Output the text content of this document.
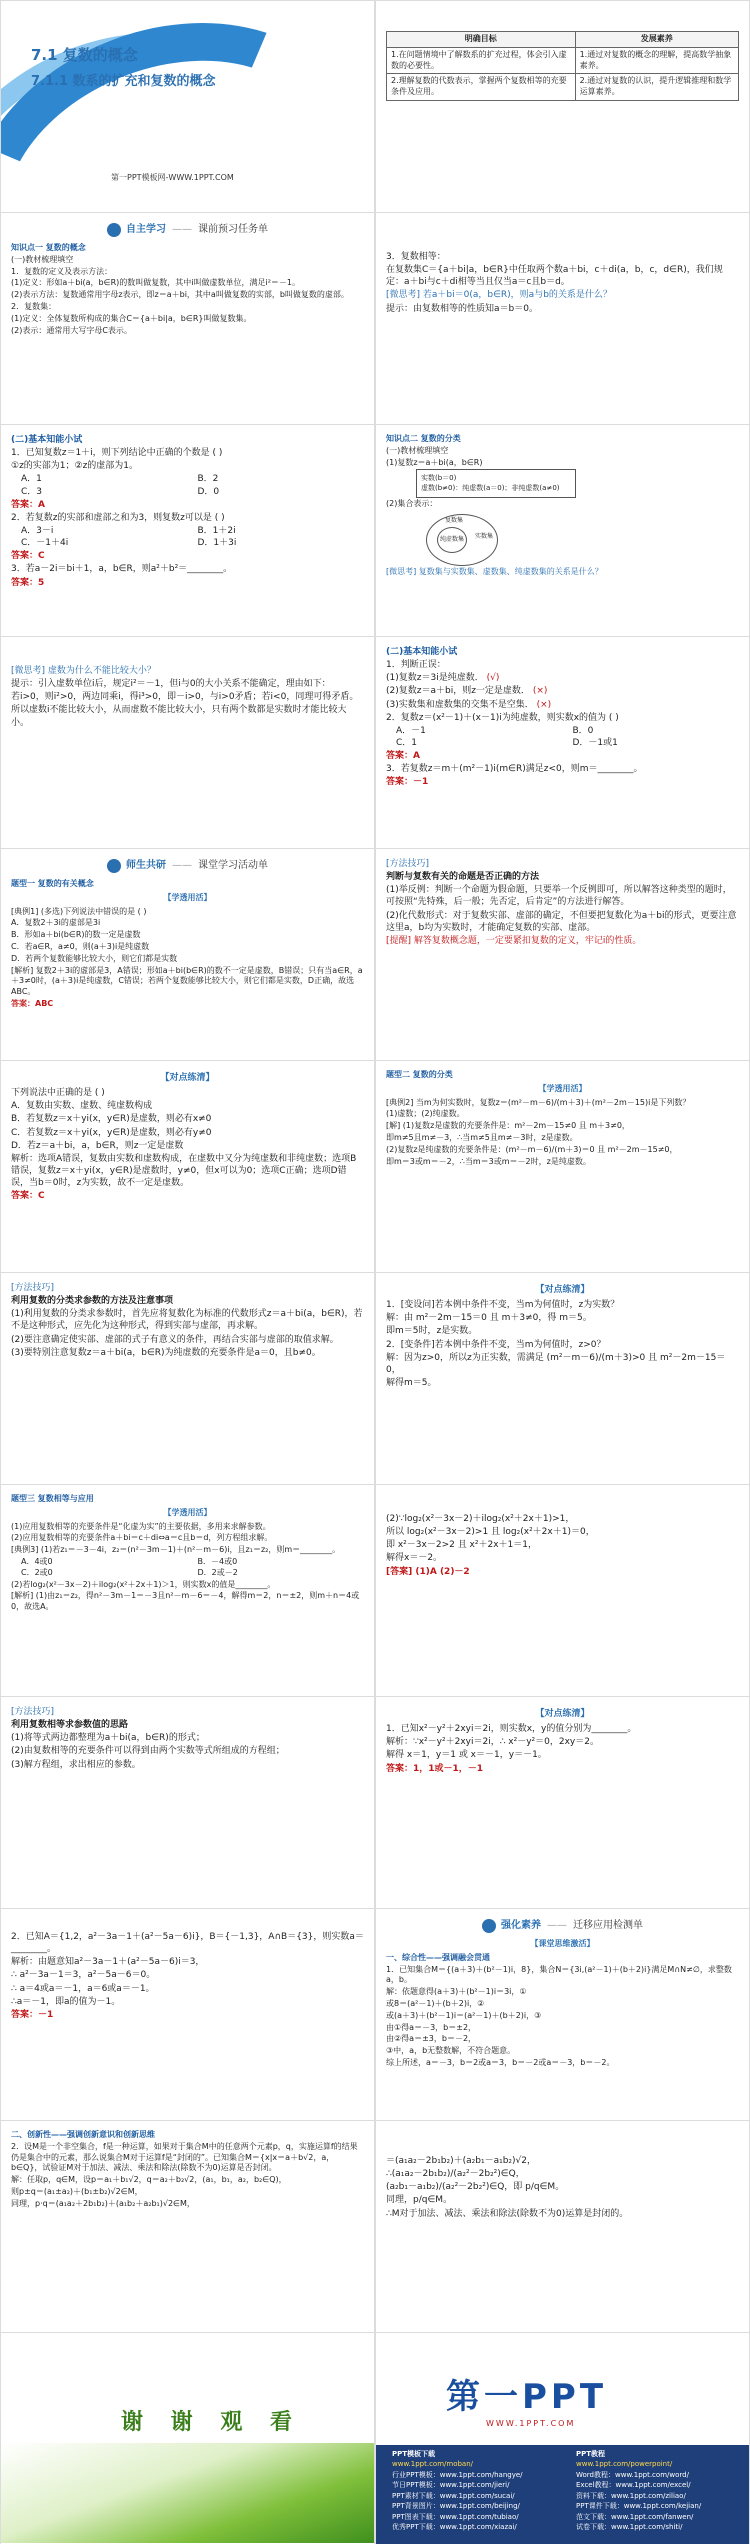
7.1 复数的概念
7.1.1 数系的扩充和复数的概念
第一PPT模板网-WWW.1PPT.COM
明确目标	发展素养
1.在问题情境中了解数系的扩充过程，体会引入虚数的必要性。	1.通过对复数的概念的理解，提高数学抽象素养。
2.理解复数的代数表示，掌握两个复数相等的充要条件及应用。	2.通过对复数的认识，提升逻辑推理和数学运算素养。
自主学习 —— 课前预习任务单
知识点一 复数的概念
(一)教材梳理填空
1．复数的定义及表示方法：
(1)定义：形如a＋bi(a，b∈R)的数叫做复数，其中i叫做虚数单位，满足i²＝－1。
(2)表示方法：复数通常用字母z表示，即z＝a＋bi，其中a叫做复数的实部，b叫做复数的虚部。
2．复数集：
(1)定义：全体复数所构成的集合C＝{a＋bi|a，b∈R}叫做复数集。
(2)表示：通常用大写字母C表示。
3．复数相等：
在复数集C＝{a＋bi|a，b∈R}中任取两个数a＋bi，c＋di(a，b，c，d∈R)，我们规定：a＋bi与c＋di相等当且仅当a＝c且b＝d。
[微思考] 若a＋bi＝0(a，b∈R)，则a与b的关系是什么？
提示：由复数相等的性质知a＝b＝0。
(二)基本知能小试
1．已知复数z＝1＋i，则下列结论中正确的个数是 ( )
①z的实部为1；②z的虚部为1。
A．1	B．2
C．3	D．0
答案：A
2．若复数z的实部和虚部之和为3，则复数z可以是 ( )
A．3－i	B．1＋2i
C．－1＋4i	D．1＋3i
答案：C
3．若a－2i＝bi＋1，a，b∈R，则a²＋b²＝________。
答案：5
知识点二 复数的分类
(一)教材梳理填空
(1)复数z＝a＋bi(a，b∈R)
实数(b＝0)
虚数(b≠0)：纯虚数(a＝0)；非纯虚数(a≠0)
(2)集合表示：
复数集
纯虚数集	实数集
[微思考] 复数集与实数集、虚数集、纯虚数集的关系是什么？
[微思考] 虚数为什么不能比较大小？
提示：引入虚数单位i后，规定i²＝－1，但i与0的大小关系不能确定，理由如下：
若i>0，则i²>0，两边同乘i，得i³>0，即－i>0，与i>0矛盾；若i<0，同理可得矛盾。
所以虚数i不能比较大小，从而虚数不能比较大小，只有两个数都是实数时才能比较大小。
(二)基本知能小试
1．判断正误：
(1)复数z＝3i是纯虚数． (√)
(2)复数z＝a＋bi，则z一定是虚数． (×)
(3)实数集和虚数集的交集不是空集． (×)
2．复数z＝(x²－1)＋(x－1)i为纯虚数，则实数x的值为 ( )
A．－1	B．0
C．1	D．－1或1
答案：A
3．若复数z＝m＋(m²－1)i(m∈R)满足z<0，则m＝________。
答案：－1
师生共研 —— 课堂学习活动单
题型一 复数的有关概念
【学透用活】
[典例1] (多选)下列说法中错误的是 ( )
A．复数2＋3i的虚部是3i
B．形如a＋bi(b∈R)的数一定是虚数
C．若a∈R，a≠0，则(a＋3)i是纯虚数
D．若两个复数能够比较大小，则它们都是实数
[解析] 复数2＋3i的虚部是3，A错误；形如a＋bi(b∈R)的数不一定是虚数，B错误；只有当a∈R，a＋3≠0时，(a＋3)i是纯虚数，C错误；若两个复数能够比较大小，则它们都是实数，D正确，故选ABC。
答案：ABC
[方法技巧]
判断与复数有关的命题是否正确的方法
(1)举反例：判断一个命题为假命题，只要举一个反例即可，所以解答这种类型的题时，可按照“先特殊，后一般；先否定，后肯定”的方法进行解答。
(2)化代数形式：对于复数实部、虚部的确定，不但要把复数化为a＋bi的形式，更要注意这里a，b均为实数时，才能确定复数的实部、虚部。
[提醒] 解答复数概念题，一定要紧扣复数的定义，牢记i的性质。
【对点练清】
下列说法中正确的是 ( )
A．复数由实数、虚数、纯虚数构成
B．若复数z＝x＋yi(x，y∈R)是虚数，则必有x≠0
C．若复数z＝x＋yi(x，y∈R)是虚数，则必有y≠0
D．若z＝a＋bi，a，b∈R，则z一定是虚数
解析：选项A错误，复数由实数和虚数构成，在虚数中又分为纯虚数和非纯虚数；选项B错误，复数z＝x＋yi(x，y∈R)是虚数时，y≠0，但x可以为0；选项C正确；选项D错误，当b＝0时，z为实数，故不一定是虚数。
答案：C
题型二 复数的分类
【学透用活】
[典例2] 当m为何实数时，复数z＝(m²－m－6)/(m＋3)＋(m²－2m－15)i是下列数？
(1)虚数；(2)纯虚数。
[解] (1)复数z是虚数的充要条件是：m²－2m－15≠0 且 m＋3≠0，
即m≠5且m≠－3，∴当m≠5且m≠－3时，z是虚数。
(2)复数z是纯虚数的充要条件是：(m²－m－6)/(m＋3)＝0 且 m²－2m－15≠0，
即m＝3或m＝－2，∴当m＝3或m＝－2时，z是纯虚数。
[方法技巧]
利用复数的分类求参数的方法及注意事项
(1)利用复数的分类求参数时，首先应将复数化为标准的代数形式z＝a＋bi(a，b∈R)，若不是这种形式，应先化为这种形式，得到实部与虚部，再求解。
(2)要注意确定使实部、虚部的式子有意义的条件，再结合实部与虚部的取值求解。
(3)要特别注意复数z＝a＋bi(a，b∈R)为纯虚数的充要条件是a＝0，且b≠0。
【对点练清】
1．[变设问]若本例中条件不变，当m为何值时，z为实数？
解：由 m²－2m－15＝0 且 m＋3≠0，得 m＝5。
即m＝5时，z是实数。
2．[变条件]若本例中条件不变，当m为何值时，z>0？
解：因为z>0，所以z为正实数，需满足 (m²－m－6)/(m＋3)>0 且 m²－2m－15＝0，
解得m＝5。
题型三 复数相等与应用
【学透用活】
(1)应用复数相等的充要条件是“化虚为实”的主要依据，多用来求解参数。
(2)应用复数相等的充要条件a＋bi＝c＋di⇔a＝c且b＝d，列方程组求解。
[典例3] (1)若z₁＝－3－4i，z₂＝(n²－3m－1)＋(n²－m－6)i，且z₁＝z₂，则m＝________。
A．4或0	B．－4或0
C．2或0	D．2或－2
(2)若log₂(x²－3x－2)＋ilog₂(x²＋2x＋1)＞1，则实数x的值是________。
[解析] (1)由z₁＝z₂，得n²－3m－1＝－3且n²－m－6＝－4，解得m＝2，n＝±2，则m＋n＝4或0，故选A。
(2)∵log₂(x²－3x－2)＋ilog₂(x²＋2x＋1)>1，
所以 log₂(x²－3x－2)>1 且 log₂(x²＋2x＋1)＝0，
即 x²－3x－2>2 且 x²＋2x＋1＝1，
解得x＝－2。
[答案] (1)A (2)－2
[方法技巧]
利用复数相等求参数值的思路
(1)将等式两边都整理为a＋bi(a，b∈R)的形式；
(2)由复数相等的充要条件可以得到由两个实数等式所组成的方程组；
(3)解方程组，求出相应的参数。
【对点练清】
1．已知x²－y²＋2xyi＝2i，则实数x，y的值分别为________。
解析：∵x²－y²＋2xyi＝2i，∴ x²－y²＝0，2xy＝2。
解得 x＝1，y＝1 或 x＝－1，y＝－1。
答案：1，1或－1，－1
2．已知A＝{1,2，a²－3a－1＋(a²－5a－6)i}，B＝{－1,3}，A∩B＝{3}，则实数a＝________。
解析：由题意知a²－3a－1＋(a²－5a－6)i＝3，
∴ a²－3a－1＝3，a²－5a－6＝0。
∴ a＝4或a＝－1，a＝6或a＝－1。
∴a＝－1，即a的值为－1。
答案：－1
强化素养 —— 迁移应用检测单
【课堂思维激活】
一、综合性——强调融会贯通
1．已知集合M＝{(a＋3)＋(b²－1)i，8}，集合N＝{3i,(a²－1)＋(b＋2)i}满足M∩N≠∅，求整数a，b。
解：依题意得(a＋3)＋(b²－1)i＝3i，①
或8＝(a²－1)＋(b＋2)i，②
或(a＋3)＋(b²－1)i＝(a²－1)＋(b＋2)i，③
由①得a＝－3，b＝±2，
由②得a＝±3，b＝－2，
③中，a，b无整数解，不符合题意。
综上所述，a＝－3，b＝2或a＝3，b＝－2或a＝－3，b＝－2。
二、创新性——强调创新意识和创新思维
2．设M是一个非空集合，f是一种运算，如果对于集合M中的任意两个元素p，q，实施运算f的结果仍是集合中的元素，那么说集合M对于运算f是“封闭的”。已知集合M＝{x|x＝a＋b√2，a，b∈Q}，试验证M对于加法、减法、乘法和除法(除数不为0)运算是否封闭。
解：任取p，q∈M，设p＝a₁＋b₁√2，q＝a₂＋b₂√2，(a₁，b₁，a₂，b₂∈Q)，
则p±q＝(a₁±a₂)＋(b₁±b₂)√2∈M，
同理，p·q＝(a₁a₂＋2b₁b₂)＋(a₁b₂＋a₂b₁)√2∈M，
＝(a₁a₂－2b₁b₂)＋(a₂b₁－a₁b₂)√2，
∴(a₁a₂－2b₁b₂)/(a₂²－2b₂²)∈Q，
(a₂b₁－a₁b₂)/(a₂²－2b₂²)∈Q，即 p/q∈M。
同理，p/q∈M。
∴M对于加法、减法、乘法和除法(除数不为0)运算是封闭的。
谢 谢 观 看
第一PPT
WWW.1PPT.COM
PPT模板下载
www.1ppt.com/moban/
行业PPT模板：www.1ppt.com/hangye/
节日PPT模板：www.1ppt.com/jieri/
PPT素材下载：www.1ppt.com/sucai/
PPT背景图片：www.1ppt.com/beijing/
PPT图表下载：www.1ppt.com/tubiao/
优秀PPT下载：www.1ppt.com/xiazai/
PPT教程
www.1ppt.com/powerpoint/
Word教程：www.1ppt.com/word/
Excel教程：www.1ppt.com/excel/
资料下载：www.1ppt.com/ziliao/
PPT课件下载：www.1ppt.com/kejian/
范文下载：www.1ppt.com/fanwen/
试卷下载：www.1ppt.com/shiti/
